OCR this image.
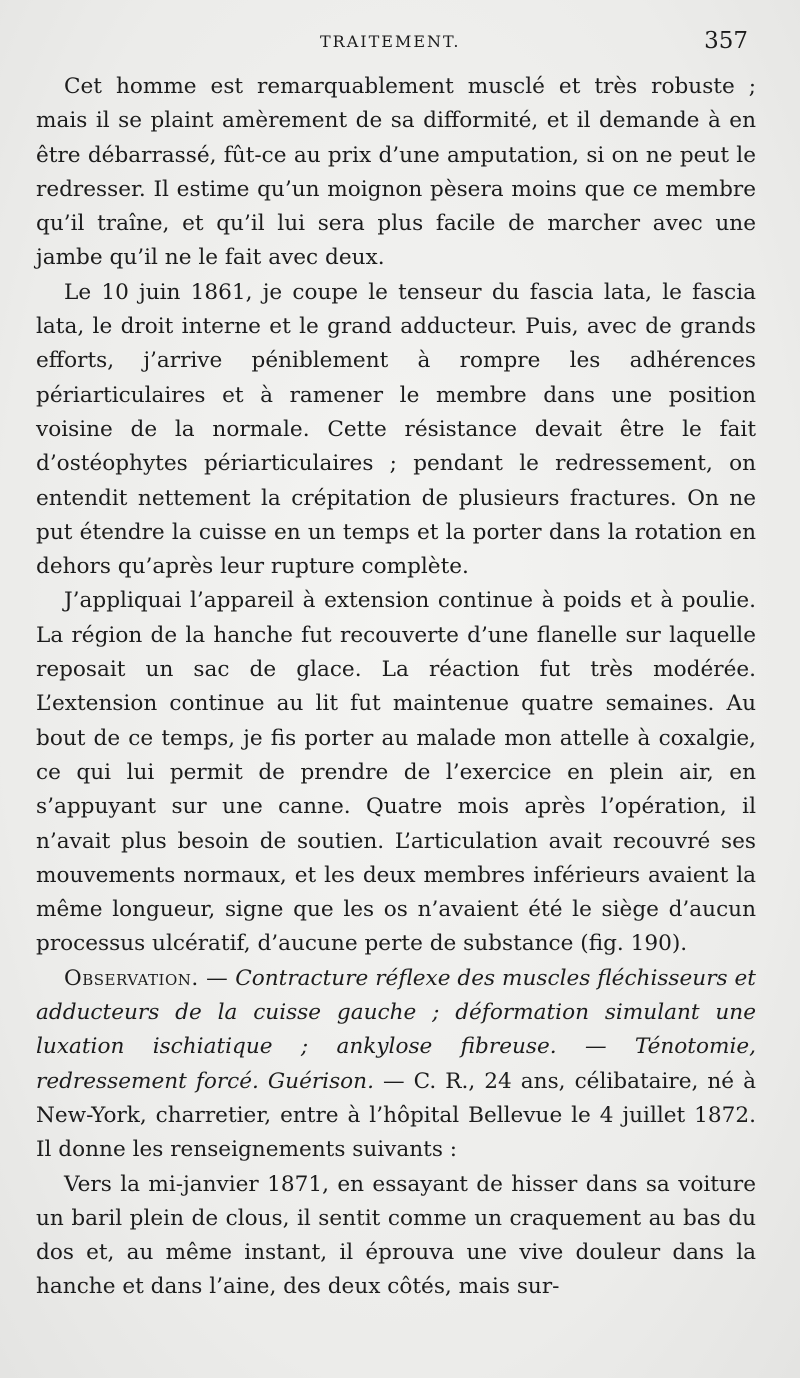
TRAITEMENT.	357

Cet homme est remarquablement musclé et très robuste ; mais il se plaint amèrement de sa difformité, et il demande à en être débarrassé, fût-ce au prix d’une amputation, si on ne peut le redresser. Il estime qu’un moignon pèsera moins que ce membre qu’il traîne, et qu’il lui sera plus facile de marcher avec une jambe qu’il ne le fait avec deux.

Le 10 juin 1861, je coupe le tenseur du fascia lata, le fascia lata, le droit interne et le grand adducteur. Puis, avec de grands efforts, j’arrive péniblement à rompre les adhérences périarticulaires et à ramener le membre dans une position voisine de la normale. Cette résistance devait être le fait d’ostéophytes périarticulaires ; pendant le redressement, on entendit nettement la crépitation de plusieurs fractures. On ne put étendre la cuisse en un temps et la porter dans la rotation en dehors qu’après leur rupture complète.

J’appliquai l’appareil à extension continue à poids et à poulie. La région de la hanche fut recouverte d’une flanelle sur laquelle reposait un sac de glace. La réaction fut très modérée. L’extension continue au lit fut maintenue quatre semaines. Au bout de ce temps, je fis porter au malade mon attelle à coxalgie, ce qui lui permit de prendre de l’exercice en plein air, en s’appuyant sur une canne. Quatre mois après l’opération, il n’avait plus besoin de soutien. L’articulation avait recouvré ses mouvements normaux, et les deux membres inférieurs avaient la même longueur, signe que les os n’avaient été le siège d’aucun processus ulcératif, d’aucune perte de substance (fig. 190).

Observation. — Contracture réflexe des muscles fléchisseurs et adducteurs de la cuisse gauche ; déformation simulant une luxation ischiatique ; ankylose fibreuse. — Ténotomie, redressement forcé. Guérison. — C. R., 24 ans, célibataire, né à New-York, charretier, entre à l’hôpital Bellevue le 4 juillet 1872. Il donne les renseignements suivants :

Vers la mi-janvier 1871, en essayant de hisser dans sa voiture un baril plein de clous, il sentit comme un craquement au bas du dos et, au même instant, il éprouva une vive douleur dans la hanche et dans l’aine, des deux côtés, mais sur-
